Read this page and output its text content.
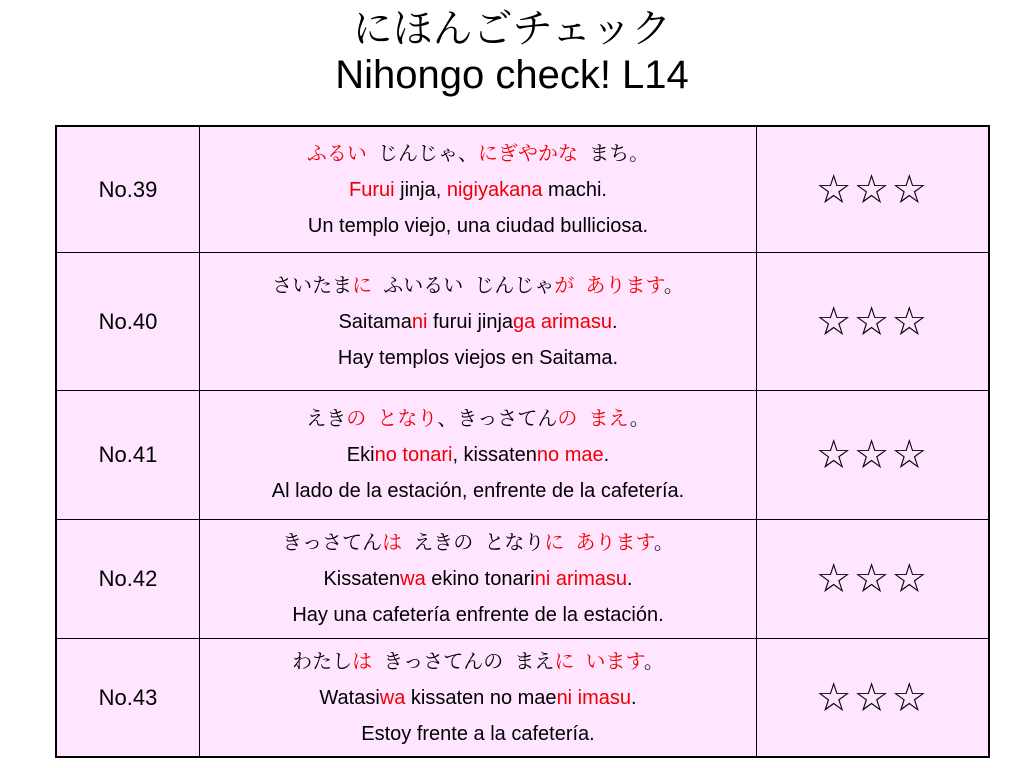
にほんごチェック
Nihongo check! L14
No.39	ふるい  じんじゃ、にぎやかな  まち。
Furui jinja, nigiyakana machi.
Un templo viejo, una ciudad bulliciosa.	☆☆☆
No.40	さいたまに  ふいるい  じんじゃが  あります。
Saitamani furui jinjaga arimasu.
Hay templos viejos en Saitama.	☆☆☆
No.41	えきの  となり、きっさてんの  まえ。
Ekino tonari, kissatenno mae.
Al lado de la estación, enfrente de la cafetería.	☆☆☆
No.42	きっさてんは  えきの  となりに  あります。
Kissatenwa ekino tonarini arimasu.
Hay una cafetería enfrente de la estación.	☆☆☆
No.43	わたしは  きっさてんの  まえに  います。
Watasiwa kissaten no maeni imasu.
Estoy frente a la cafetería.	☆☆☆
